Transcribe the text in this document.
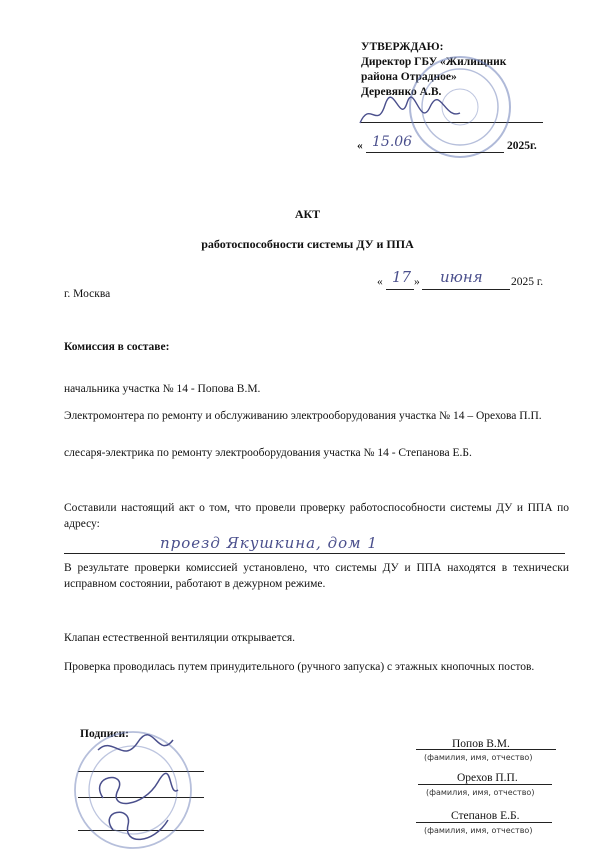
УТВЕРЖДАЮ:
Директор ГБУ «Жилищник
района Отрадное»
Деревянко А.В.
« 15.06	2025г.
АКТ
работоспособности системы ДУ и ППА
г. Москва
« 17 » июня 2025 г.
Комиссия в составе:
начальника участка № 14 - Попова В.М.
Электромонтера по ремонту и обслуживанию электрооборудования участка № 14 – Орехова П.П.
слесаря-электрика по ремонту электрооборудования участка № 14 - Степанова Е.Б.
Составили настоящий акт о том, что провели проверку работоспособности системы ДУ и ППА по адресу:
проезд Якушкина, дом 1
В результате проверки комиссией установлено, что системы ДУ и ППА находятся в технически исправном состоянии, работают в дежурном режиме.
Клапан естественной вентиляции открывается.
Проверка проводилась путем принудительного (ручного запуска) с этажных кнопочных постов.
Подписи:
Попов В.М.
(фамилия, имя, отчество)
Орехов П.П.
(фамилия, имя, отчество)
Степанов Е.Б.
(фамилия, имя, отчество)
